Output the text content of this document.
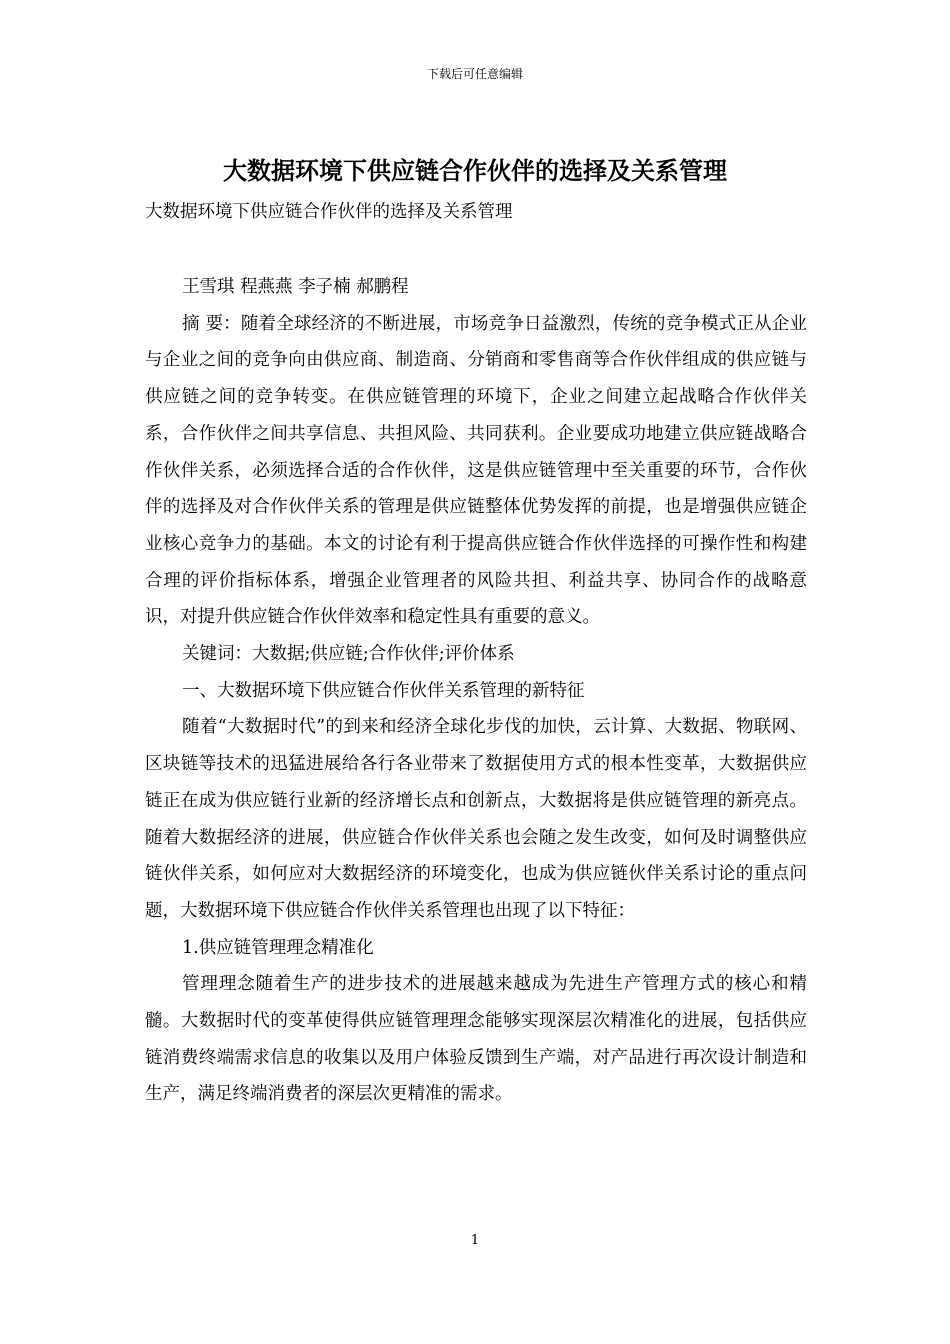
下载后可任意编辑
大数据环境下供应链合作伙伴的选择及关系管理

大数据环境下供应链合作伙伴的选择及关系管理

王雪琪 程燕燕 李子楠 郝鹏程

摘 要：随着全球经济的不断进展，市场竞争日益激烈，传统的竞争模式正从企业与企业之间的竞争向由供应商、制造商、分销商和零售商等合作伙伴组成的供应链与供应链之间的竞争转变。在供应链管理的环境下，企业之间建立起战略合作伙伴关系，合作伙伴之间共享信息、共担风险、共同获利。企业要成功地建立供应链战略合作伙伴关系，必须选择合适的合作伙伴，这是供应链管理中至关重要的环节，合作伙伴的选择及对合作伙伴关系的管理是供应链整体优势发挥的前提，也是增强供应链企业核心竞争力的基础。本文的讨论有利于提高供应链合作伙伴选择的可操作性和构建合理的评价指标体系，增强企业管理者的风险共担、利益共享、协同合作的战略意识，对提升供应链合作伙伴效率和稳定性具有重要的意义。

关键词：大数据;供应链;合作伙伴;评价体系

一、大数据环境下供应链合作伙伴关系管理的新特征

随着“大数据时代”的到来和经济全球化步伐的加快，云计算、大数据、物联网、区块链等技术的迅猛进展给各行各业带来了数据使用方式的根本性变革，大数据供应链正在成为供应链行业新的经济增长点和创新点，大数据将是供应链管理的新亮点。随着大数据经济的进展，供应链合作伙伴关系也会随之发生改变，如何及时调整供应链伙伴关系，如何应对大数据经济的环境变化，也成为供应链伙伴关系讨论的重点问题，大数据环境下供应链合作伙伴关系管理也出现了以下特征：

1.供应链管理理念精准化

管理理念随着生产的进步技术的进展越来越成为先进生产管理方式的核心和精髓。大数据时代的变革使得供应链管理理念能够实现深层次精准化的进展，包括供应链消费终端需求信息的收集以及用户体验反馈到生产端，对产品进行再次设计制造和生产，满足终端消费者的深层次更精准的需求。

1
